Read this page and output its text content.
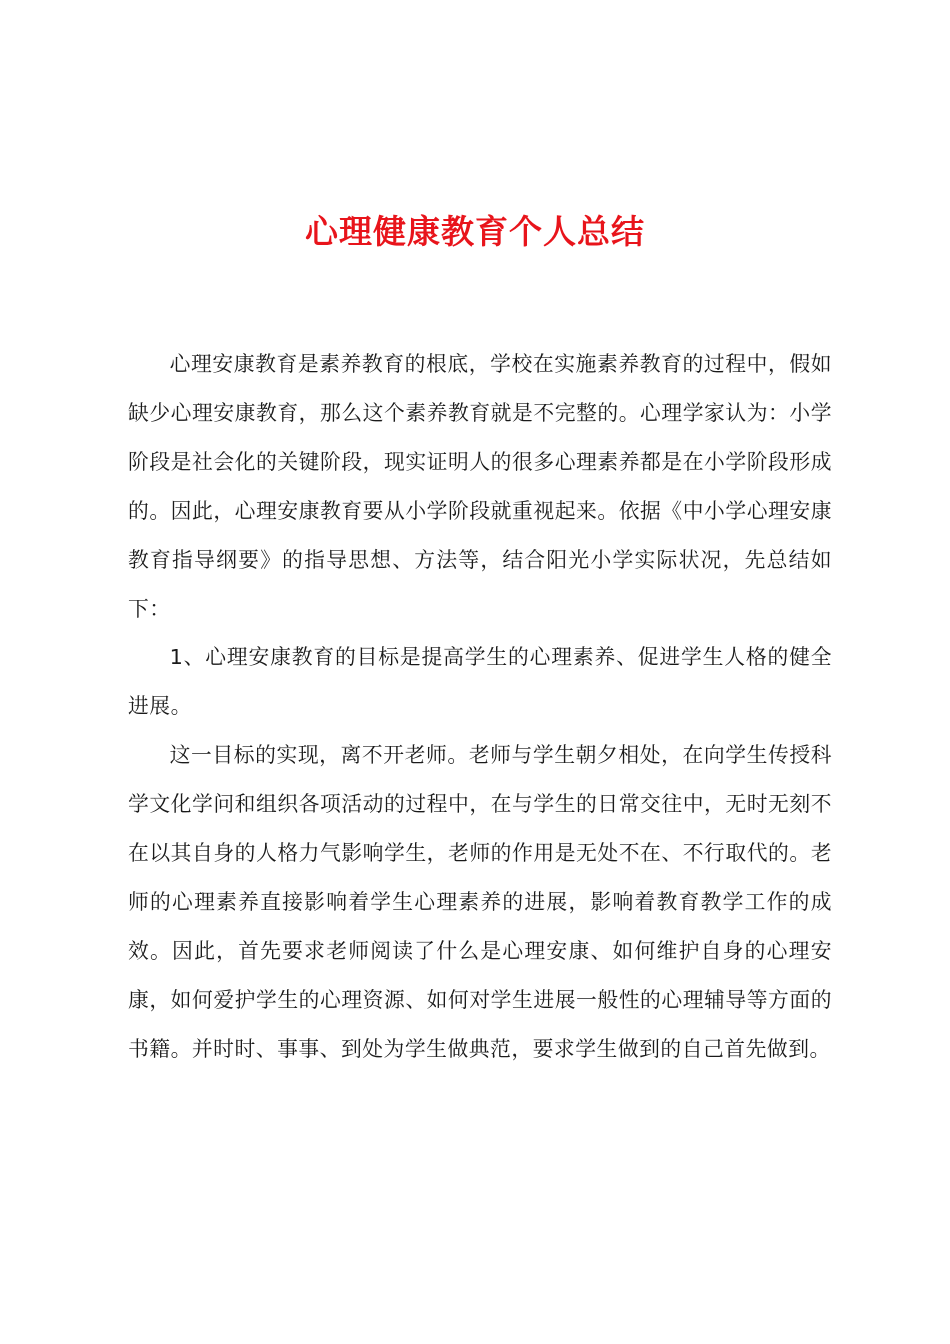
心理健康教育个人总结

心理安康教育是素养教育的根底，学校在实施素养教育的过程中，假如缺少心理安康教育，那么这个素养教育就是不完整的。心理学家认为：小学阶段是社会化的关键阶段，现实证明人的很多心理素养都是在小学阶段形成的。因此，心理安康教育要从小学阶段就重视起来。依据《中小学心理安康教育指导纲要》的指导思想、方法等，结合阳光小学实际状况，先总结如下：

1、心理安康教育的目标是提高学生的心理素养、促进学生人格的健全进展。

这一目标的实现，离不开老师。老师与学生朝夕相处，在向学生传授科学文化学问和组织各项活动的过程中，在与学生的日常交往中，无时无刻不在以其自身的人格力气影响学生，老师的作用是无处不在、不行取代的。老师的心理素养直接影响着学生心理素养的进展，影响着教育教学工作的成效。因此，首先要求老师阅读了什么是心理安康、如何维护自身的心理安康，如何爱护学生的心理资源、如何对学生进展一般性的心理辅导等方面的书籍。并时时、事事、到处为学生做典范，要求学生做到的自己首先做到。
